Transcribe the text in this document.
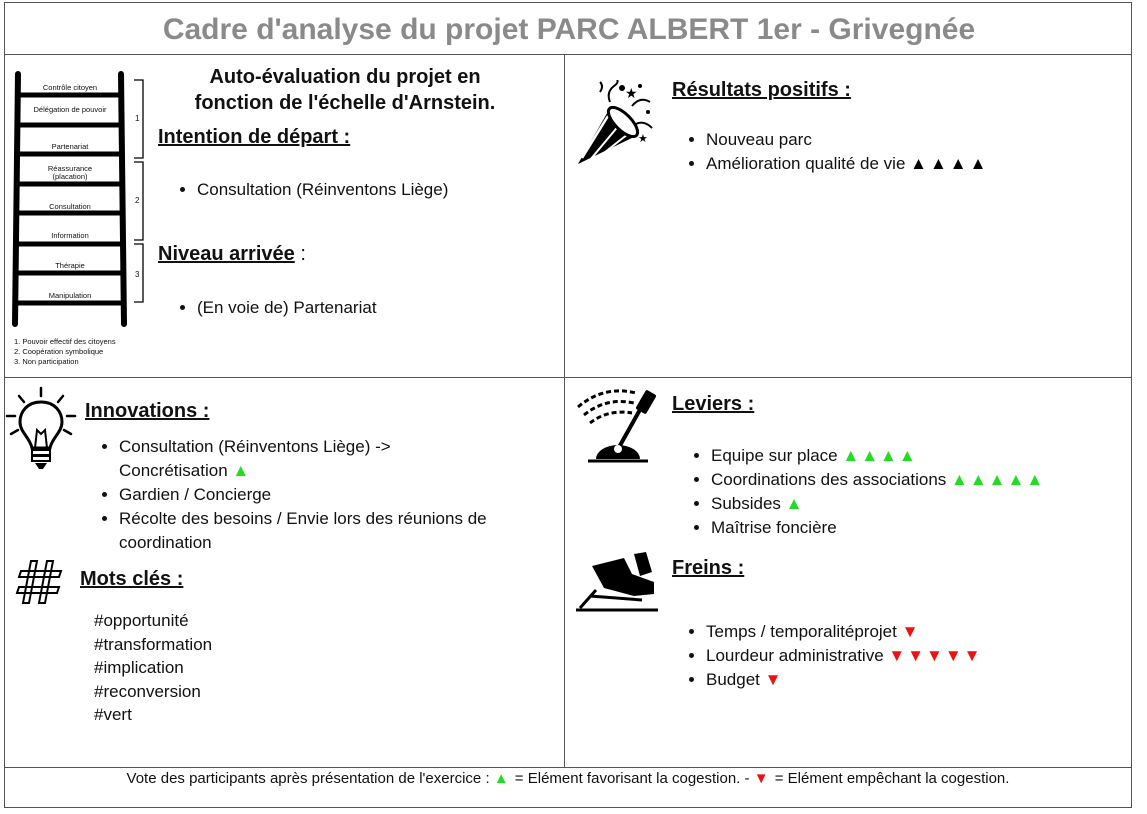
Cadre d'analyse du projet PARC ALBERT 1er - Grivegnée
Contrôle citoyen
Délégation de pouvoir
Partenariat
Réassurance (placation)
Consultation
Information
Thérapie
Manipulation
1
2
3
1. Pouvoir effectif des citoyens
2. Coopération symbolique
3. Non participation
Auto-évaluation du projet en
fonction de l'échelle d'Arnstein.
Intention de départ :
• Consultation (Réinventons Liège)
Niveau arrivée :
• (En voie de) Partenariat
★
★
Résultats positifs :
• Nouveau parc
• Amélioration qualité de vie ▲▲▲▲
Innovations :
• Consultation (Réinventons Liège) ->
Concrétisation ▲
• Gardien / Concierge
• Récolte des besoins / Envie lors des réunions de
coordination
Mots clés :
#opportunité
#transformation
#implication
#reconversion
#vert
Leviers :
• Equipe sur place ▲▲▲▲
• Coordinations des associations ▲▲▲▲▲
• Subsides ▲
• Maîtrise foncière
Freins :
• Temps / temporalitéprojet ▼
• Lourdeur administrative ▼▼▼▼▼
• Budget ▼
Vote des participants après présentation de l'exercice : ▲ = Elément favorisant la cogestion. - ▼ = Elément empêchant la cogestion.
